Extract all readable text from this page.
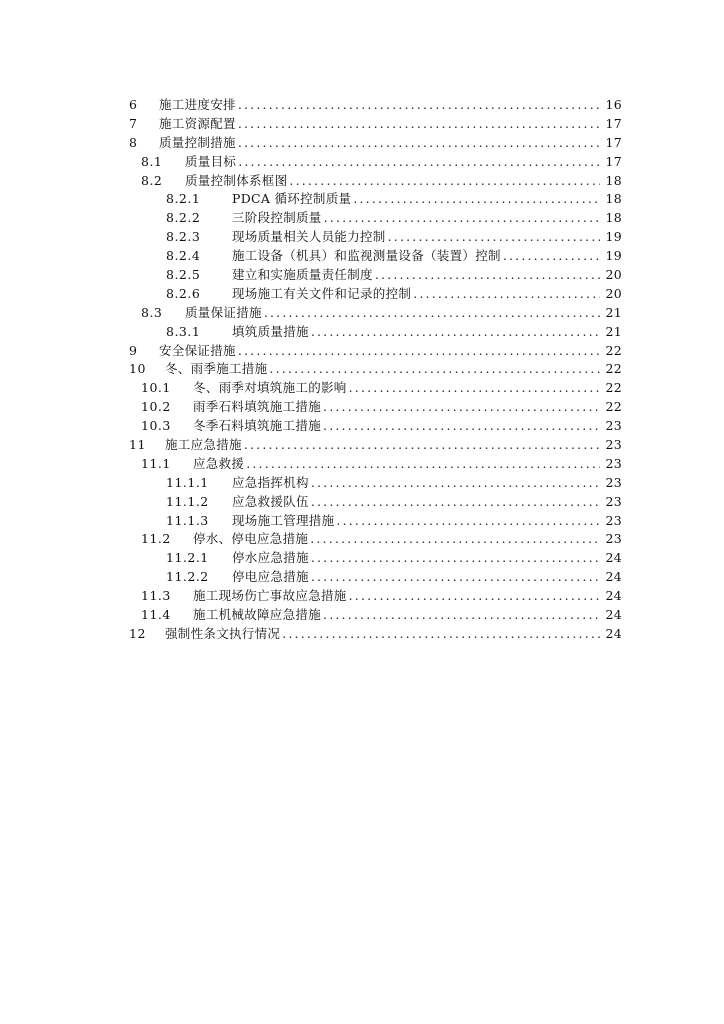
6	施工进度安排 .....	16
7	施工资源配置 .....	17
8	质量控制措施 .....	17
8.1	质量目标 .....	17
8.2	质量控制体系框图 .....	18
8.2.1	PDCA 循环控制质量 .....	18
8.2.2	三阶段控制质量 .....	18
8.2.3	现场质量相关人员能力控制 .....	19
8.2.4	施工设备（机具）和监视测量设备（装置）控制 .....	19
8.2.5	建立和实施质量责任制度 .....	20
8.2.6	现场施工有关文件和记录的控制 .....	20
8.3	质量保证措施 .....	21
8.3.1	填筑质量措施 .....	21
9	安全保证措施 .....	22
10	冬、雨季施工措施 .....	22
10.1	冬、雨季对填筑施工的影响 .....	22
10.2	雨季石料填筑施工措施 .....	22
10.3	冬季石料填筑施工措施 .....	23
11	施工应急措施 .....	23
11.1	应急救援 .....	23
11.1.1	应急指挥机构 .....	23
11.1.2	应急救援队伍 .....	23
11.1.3	现场施工管理措施 .....	23
11.2	停水、停电应急措施 .....	23
11.2.1	停水应急措施 .....	24
11.2.2	停电应急措施 .....	24
11.3	施工现场伤亡事故应急措施 .....	24
11.4	施工机械故障应急措施 .....	24
12	强制性条文执行情况 .....	24
